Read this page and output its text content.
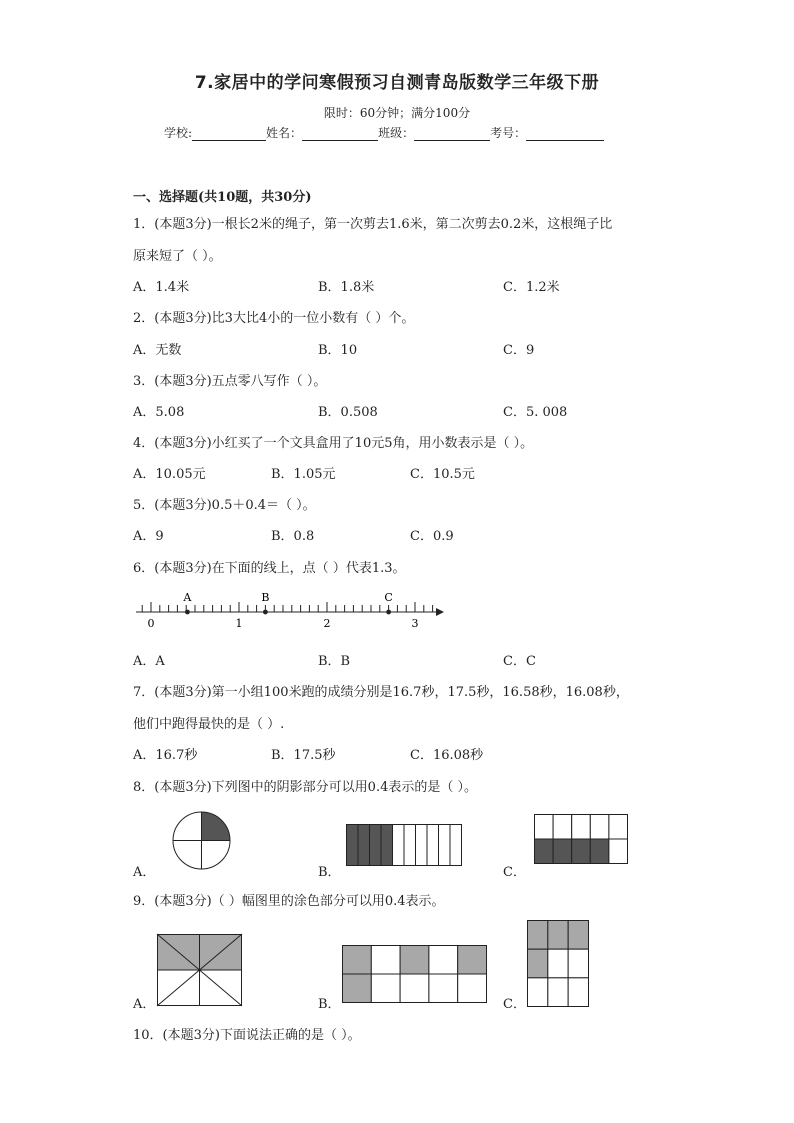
7.家居中的学问寒假预习自测青岛版数学三年级下册
限时：60分钟；满分100分
学校:	姓名：	班级：	考号：
一、选择题(共10题，共30分)
1．(本题3分)一根长2米的绳子，第一次剪去1.6米，第二次剪去0.2米，这根绳子比
原来短了（ ）。
A．1.4米	B．1.8米	C．1.2米
2．(本题3分)比3大比4小的一位小数有（ ）个。
A．无数	B．10	C．9
3．(本题3分)五点零八写作（ ）。
A．5.08	B．0.508	C．5. 008
4．(本题3分)小红买了一个文具盒用了10元5角，用小数表示是（ ）。
A．10.05元	B．1.05元	C．10.5元
5．(本题3分)0.5＋0.4＝（ ）。
A．9	B．0.8	C．0.9
6．(本题3分)在下面的线上，点（ ）代表1.3。
0	1	2	3
A	B	C
A．A	B．B	C．C
7．(本题3分)第一小组100米跑的成绩分别是16.7秒，17.5秒，16.58秒，16.08秒，
他们中跑得最快的是（ ）.
A．16.7秒	B．17.5秒	C．16.08秒
8．(本题3分)下列图中的阴影部分可以用0.4表示的是（ ）。
A．	B．	C．
9．(本题3分)（ ）幅图里的涂色部分可以用0.4表示。
A．	B．	C．
10．(本题3分)下面说法正确的是（ ）。
